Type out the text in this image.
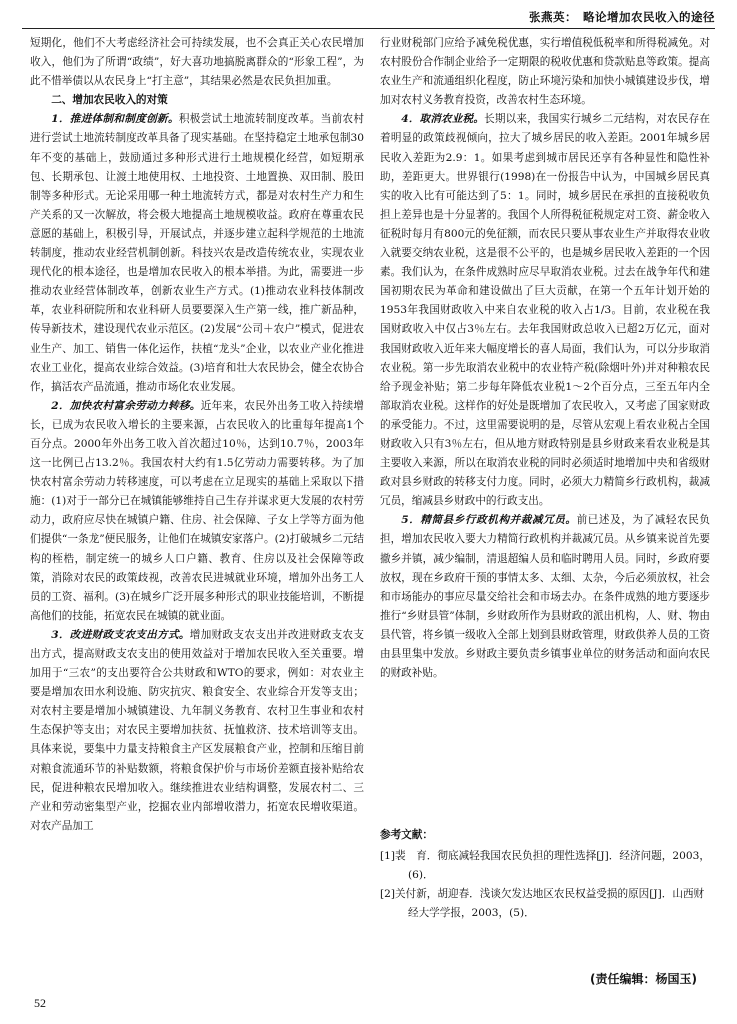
张燕英： 略论增加农民收入的途径

短期化，他们不大考虑经济社会可持续发展，也不会真正关心农民增加收入，他们为了所谓“政绩”，好大喜功地搞脱离群众的“形象工程”，为此不惜举债以从农民身上“打主意”，其结果必然是农民负担加重。

二、增加农民收入的对策

1．推进体制和制度创新。积极尝试土地流转制度改革。当前农村进行尝试土地流转制度改革具备了现实基础。在坚持稳定土地承包制30年不变的基础上，鼓励通过多种形式进行土地规模化经营，如短期承包、长期承包、让渡土地使用权、土地投资、土地置换、双田制、股田制等多种形式。无论采用哪一种土地流转方式，都是对农村生产力和生产关系的又一次解放，将会极大地提高土地规模收益。政府在尊重农民意愿的基础上，积极引导，开展试点，并逐步建立起科学规范的土地流转制度，推动农业经营机制创新。科技兴农是改造传统农业，实现农业现代化的根本途径，也是增加农民收入的根本举措。为此，需要进一步推动农业经营体制改革，创新农业生产方式。(1)推动农业科技体制改革，农业科研院所和农业科研人员要要深入生产第一线，推广新品种，传导新技术，建设现代农业示范区。(2)发展“公司＋农户”模式，促进农业生产、加工、销售一体化运作，扶植“龙头”企业，以农业产业化推进农业工业化，提高农业综合效益。(3)培育和壮大农民协会，健全农协合作，搞活农产品流通，推动市场化农业发展。

2．加快农村富余劳动力转移。近年来，农民外出务工收入持续增长，已成为农民收入增长的主要来源，占农民收入的比重每年提高1个百分点。2000年外出务工收入首次超过10％，达到10.7％，2003年这一比例已占13.2％。我国农村大约有1.5亿劳动力需要转移。为了加快农村富余劳动力转移速度，可以考虑在立足现实的基础上采取以下措施：(1)对于一部分已在城镇能够维持自己生存并谋求更大发展的农村劳动力，政府应尽快在城镇户籍、住房、社会保障、子女上学等方面为他们提供“一条龙”便民服务，让他们在城镇安家落户。(2)打破城乡二元结构的桎梏，制定统一的城乡人口户籍、教育、住房以及社会保障等政策，消除对农民的政策歧视，改善农民进城就业环境，增加外出务工人员的工资、福利。(3)在城乡广泛开展多种形式的职业技能培训，不断提高他们的技能，拓宽农民在城镇的就业面。

3．改进财政支农支出方式。增加财政支农支出并改进财政支农支出方式，提高财政支农支出的使用效益对于增加农民收入至关重要。增加用于“三农”的支出要符合公共财政和WTO的要求，例如：对农业主要是增加农田水利设施、防灾抗灾、粮食安全、农业综合开发等支出；对农村主要是增加小城镇建设、九年制义务教育、农村卫生事业和农村生态保护等支出；对农民主要增加扶贫、抚恤救济、技术培训等支出。具体来说，要集中力量支持粮食主产区发展粮食产业，控制和压缩目前对粮食流通环节的补贴数额，将粮食保护价与市场价差额直接补贴给农民，促进种粮农民增加收入。继续推进农业结构调整，发展农村二、三产业和劳动密集型产业，挖掘农业内部增收潜力，拓宽农民增收渠道。对农产品加工

行业财税部门应给予减免税优惠，实行增值税低税率和所得税减免。对农村股份合作制企业给予一定期限的税收优惠和贷款贴息等政策。提高农业生产和流通组织化程度，防止环境污染和加快小城镇建设步伐，增加对农村义务教育投资，改善农村生态环境。

4．取消农业税。长期以来，我国实行城乡二元结构，对农民存在着明显的政策歧视倾向，拉大了城乡居民的收入差距。2001年城乡居民收入差距为2.9：1。如果考虑到城市居民还享有各种显性和隐性补助，差距更大。世界银行(1998)在一份报告中认为，中国城乡居民真实的收入比有可能达到了5：1。同时，城乡居民在承担的直接税收负担上差异也是十分显著的。我国个人所得税征税规定对工资、薪金收入征税时每月有800元的免征额，而农民只要从事农业生产并取得农业收入就要交纳农业税，这是很不公平的，也是城乡居民收入差距的一个因素。我们认为，在条件成熟时应尽早取消农业税。过去在战争年代和建国初期农民为革命和建设做出了巨大贡献，在第一个五年计划开始的1953年我国财政收入中来自农业税的收入占1/3。目前，农业税在我国财政收入中仅占3％左右。去年我国财政总收入已超2万亿元，面对我国财政收入近年来大幅度增长的喜人局面，我们认为，可以分步取消农业税。第一步先取消农业税中的农业特产税(除烟叶外)并对种粮农民给予现金补贴；第二步每年降低农业税1～2个百分点，三至五年内全部取消农业税。这样作的好处是既增加了农民收入，又考虑了国家财政的承受能力。不过，这里需要说明的是，尽管从宏观上看农业税占全国财政收入只有3％左右，但从地方财政特别是县乡财政来看农业税是其主要收入来源，所以在取消农业税的同时必须适时地增加中央和省级财政对县乡财政的转移支付力度。同时，必须大力精简乡行政机构，裁减冗员，缩减县乡财政中的行政支出。

5．精简县乡行政机构并裁减冗员。前已述及，为了减轻农民负担，增加农民收入要大力精简行政机构并裁减冗员。从乡镇来说首先要撤乡并镇，减少编制，清退超编人员和临时聘用人员。同时，乡政府要放权，现在乡政府干预的事情太多、太细、太杂，今后必须放权，社会和市场能办的事应尽量交给社会和市场去办。在条件成熟的地方要逐步推行“乡财县管”体制，乡财政所作为县财政的派出机构，人、财、物由县代管，将乡镇一级收入全部上划到县财政管理，财政供养人员的工资由县里集中发放。乡财政主要负责乡镇事业单位的财务活动和面向农民的财政补贴。

参考文献：
[1]裴　育．彻底减轻我国农民负担的理性选择[J]．经济问题，2003，(6)．
[2]关付新，胡迎春．浅谈欠发达地区农民权益受损的原因[J]．山西财经大学学报，2003，(5)．
(责任编辑：杨国玉)
52
